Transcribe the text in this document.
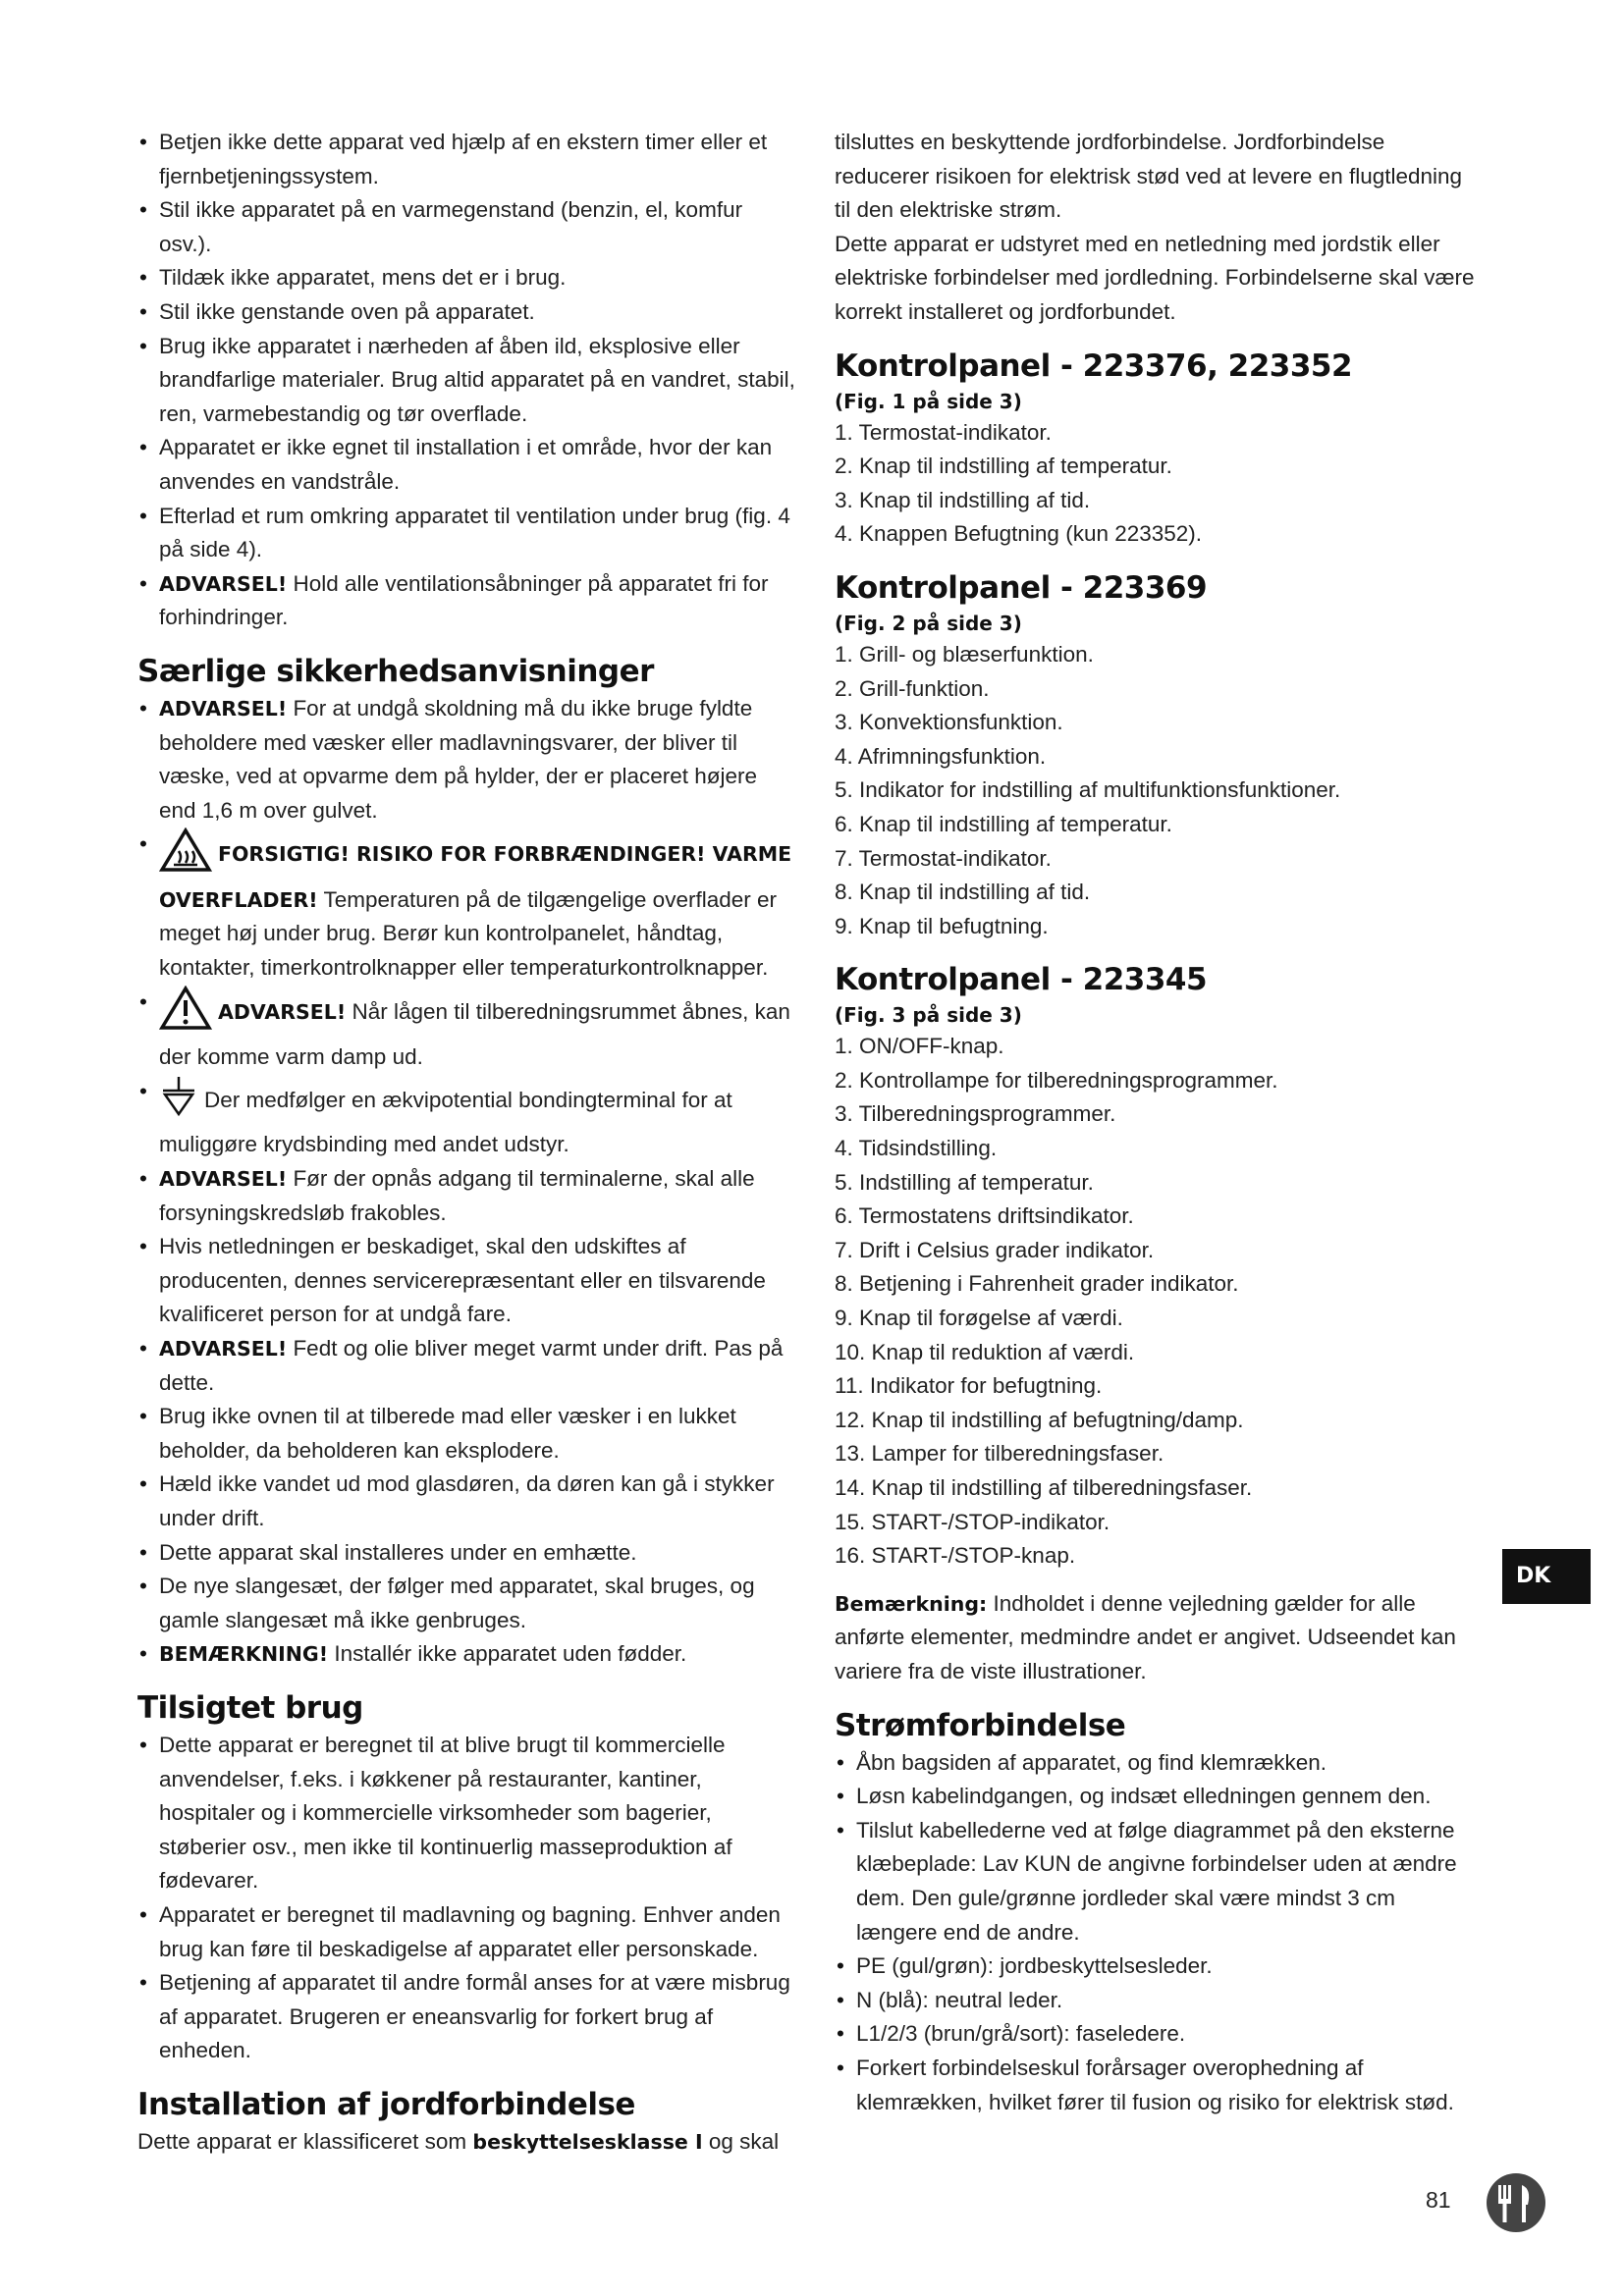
• Betjen ikke dette apparat ved hjælp af en ekstern timer eller et fjernbetjeningssystem.

• Stil ikke apparatet på en varmegenstand (benzin, el, komfur osv.).

• Tildæk ikke apparatet, mens det er i brug.

• Stil ikke genstande oven på apparatet.

• Brug ikke apparatet i nærheden af åben ild, eksplosive eller brandfarlige materialer. Brug altid apparatet på en vandret, stabil, ren, varmebestandig og tør overflade.

• Apparatet er ikke egnet til installation i et område, hvor der kan anvendes en vandstråle.

• Efterlad et rum omkring apparatet til ventilation under brug (fig. 4 på side 4).

• ADVARSEL! Hold alle ventilationsåbninger på apparatet fri for forhindringer.

Særlige sikkerhedsanvisninger

• ADVARSEL! For at undgå skoldning må du ikke bruge fyldte beholdere med væsker eller madlavningsvarer, der bliver til væske, ved at opvarme dem på hylder, der er placeret højere end 1,6 m over gulvet.

• FORSIGTIG! RISIKO FOR FORBRÆNDINGER! VARME OVERFLADER! Temperaturen på de tilgængelige overflader er meget høj under brug. Berør kun kontrolpanelet, håndtag, kontakter, timerkontrolknapper eller temperaturkontrolknapper.

• ADVARSEL! Når lågen til tilberedningsrummet åbnes, kan der komme varm damp ud.

• Der medfølger en ækvipotential bondingterminal for at muliggøre krydsbinding med andet udstyr.

• ADVARSEL! Før der opnås adgang til terminalerne, skal alle forsyningskredsløb frakobles.

• Hvis netledningen er beskadiget, skal den udskiftes af producenten, dennes servicerepræsentant eller en tilsvarende kvalificeret person for at undgå fare.

• ADVARSEL! Fedt og olie bliver meget varmt under drift. Pas på dette.

• Brug ikke ovnen til at tilberede mad eller væsker i en lukket beholder, da beholderen kan eksplodere.

• Hæld ikke vandet ud mod glasdøren, da døren kan gå i stykker under drift.

• Dette apparat skal installeres under en emhætte.

• De nye slangesæt, der følger med apparatet, skal bruges, og gamle slangesæt må ikke genbruges.

• BEMÆRKNING! Installér ikke apparatet uden fødder.

Tilsigtet brug

• Dette apparat er beregnet til at blive brugt til kommercielle anvendelser, f.eks. i køkkener på restauranter, kantiner, hospitaler og i kommercielle virksomheder som bagerier, støberier osv., men ikke til kontinuerlig masseproduktion af fødevarer.

• Apparatet er beregnet til madlavning og bagning. Enhver anden brug kan føre til beskadigelse af apparatet eller personskade.

• Betjening af apparatet til andre formål anses for at være misbrug af apparatet. Brugeren er eneansvarlig for forkert brug af enheden.

Installation af jordforbindelse

Dette apparat er klassificeret som beskyttelsesklasse I og skal

tilsluttes en beskyttende jordforbindelse. Jordforbindelse reducerer risikoen for elektrisk stød ved at levere en flugtledning til den elektriske strøm.

Dette apparat er udstyret med en netledning med jordstik eller elektriske forbindelser med jordledning. Forbindelserne skal være korrekt installeret og jordforbundet.

Kontrolpanel - 223376, 223352
(Fig. 1 på side 3)
1. Termostat-indikator.
2. Knap til indstilling af temperatur.
3. Knap til indstilling af tid.
4. Knappen Befugtning (kun 223352).
Kontrolpanel - 223369
(Fig. 2 på side 3)
1. Grill- og blæserfunktion.
2. Grill-funktion.
3. Konvektionsfunktion.
4. Afrimningsfunktion.
5. Indikator for indstilling af multifunktionsfunktioner.
6. Knap til indstilling af temperatur.
7. Termostat-indikator.
8. Knap til indstilling af tid.
9. Knap til befugtning.
Kontrolpanel - 223345
(Fig. 3 på side 3)
1. ON/OFF-knap.
2. Kontrollampe for tilberedningsprogrammer.
3. Tilberedningsprogrammer.
4. Tidsindstilling.
5. Indstilling af temperatur.
6. Termostatens driftsindikator.
7. Drift i Celsius grader indikator.
8. Betjening i Fahrenheit grader indikator.
9. Knap til forøgelse af værdi.
10. Knap til reduktion af værdi.
11. Indikator for befugtning.
12. Knap til indstilling af befugtning/damp.
13. Lamper for tilberedningsfaser.
14. Knap til indstilling af tilberedningsfaser.
15. START-/STOP-indikator.
16. START-/STOP-knap.

Bemærkning: Indholdet i denne vejledning gælder for alle anførte elementer, medmindre andet er angivet. Udseendet kan variere fra de viste illustrationer.

Strømforbindelse

• Åbn bagsiden af apparatet, og find klemrækken.

• Løsn kabelindgangen, og indsæt elledningen gennem den.

• Tilslut kabellederne ved at følge diagrammet på den eksterne klæbeplade: Lav KUN de angivne forbindelser uden at ændre dem. Den gule/grønne jordleder skal være mindst 3 cm længere end de andre.

• PE (gul/grøn): jordbeskyttelsesleder.

• N (blå): neutral leder.

• L1/2/3 (brun/grå/sort): faseledere.

• Forkert forbindelseskul forårsager overophedning af klemrækken, hvilket fører til fusion og risiko for elektrisk stød.

DK
81
